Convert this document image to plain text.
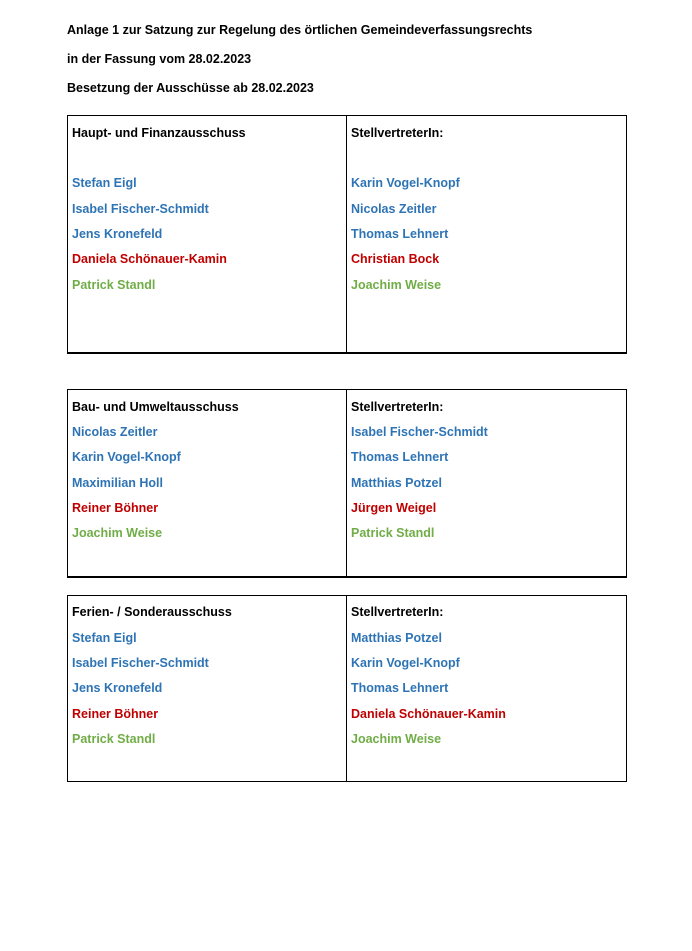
Anlage 1 zur Satzung zur Regelung des örtlichen Gemeindeverfassungsrechts
in der Fassung vom 28.02.2023
Besetzung der Ausschüsse ab 28.02.2023
Haupt- und Finanzausschuss
Stefan Eigl
Isabel Fischer-Schmidt
Jens Kronefeld
Daniela Schönauer-Kamin
Patrick Standl
StellvertreterIn:
Karin Vogel-Knopf
Nicolas Zeitler
Thomas Lehnert
Christian Bock
Joachim Weise
Bau- und Umweltausschuss
Nicolas Zeitler
Karin Vogel-Knopf
Maximilian Holl
Reiner Böhner
Joachim Weise
StellvertreterIn:
Isabel Fischer-Schmidt
Thomas Lehnert
Matthias Potzel
Jürgen Weigel
Patrick Standl
Ferien- / Sonderausschuss
Stefan Eigl
Isabel Fischer-Schmidt
Jens Kronefeld
Reiner Böhner
Patrick Standl
StellvertreterIn:
Matthias Potzel
Karin Vogel-Knopf
Thomas Lehnert
Daniela Schönauer-Kamin
Joachim Weise
